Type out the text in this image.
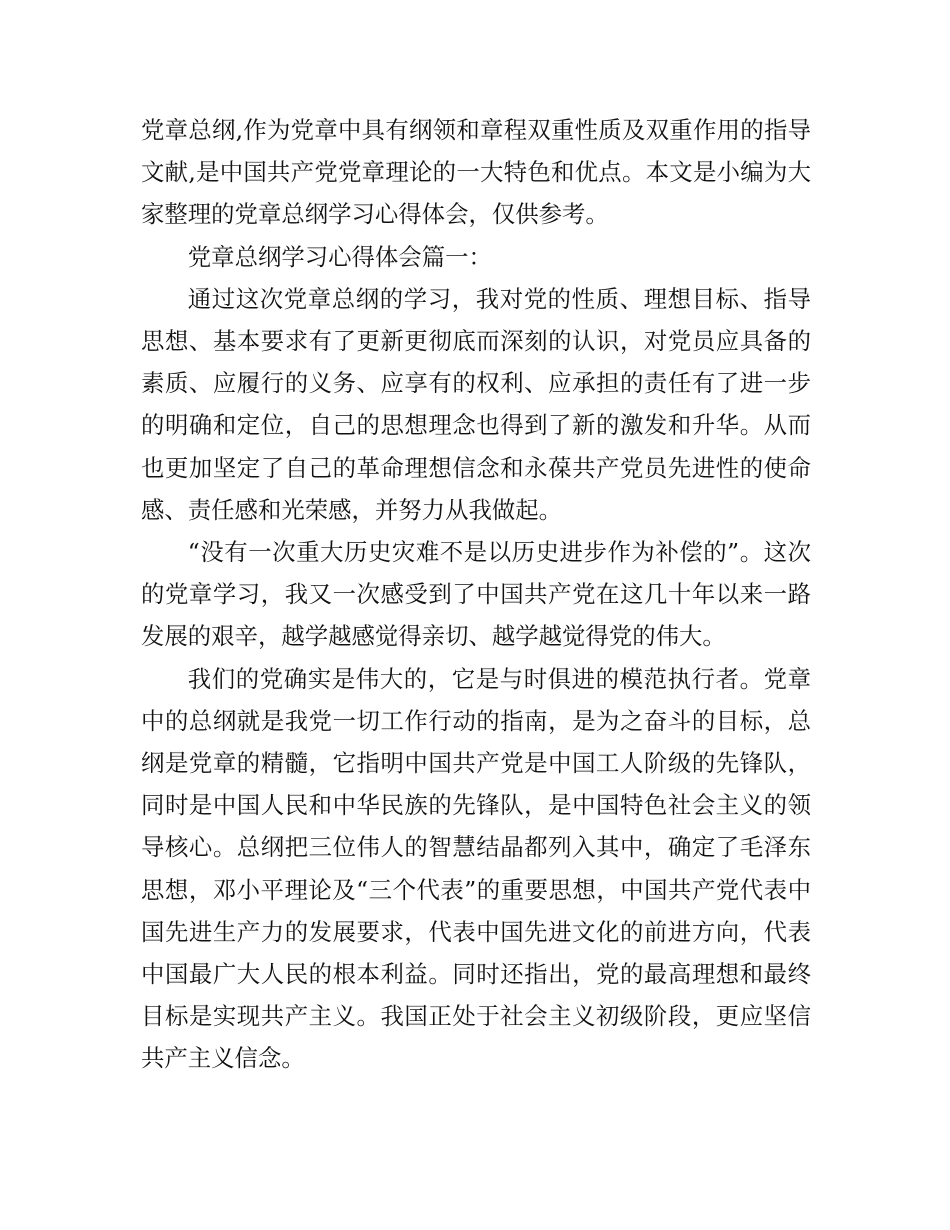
党章总纲,作为党章中具有纲领和章程双重性质及双重作用的指导文献,是中国共产党党章理论的一大特色和优点。本文是小编为大家整理的党章总纲学习心得体会，仅供参考。

党章总纲学习心得体会篇一：

通过这次党章总纲的学习，我对党的性质、理想目标、指导思想、基本要求有了更新更彻底而深刻的认识，对党员应具备的素质、应履行的义务、应享有的权利、应承担的责任有了进一步的明确和定位，自己的思想理念也得到了新的激发和升华。从而也更加坚定了自己的革命理想信念和永葆共产党员先进性的使命感、责任感和光荣感，并努力从我做起。

“没有一次重大历史灾难不是以历史进步作为补偿的”。这次的党章学习，我又一次感受到了中国共产党在这几十年以来一路发展的艰辛，越学越感觉得亲切、越学越觉得党的伟大。

我们的党确实是伟大的，它是与时俱进的模范执行者。党章中的总纲就是我党一切工作行动的指南，是为之奋斗的目标，总纲是党章的精髓，它指明中国共产党是中国工人阶级的先锋队，同时是中国人民和中华民族的先锋队，是中国特色社会主义的领导核心。总纲把三位伟人的智慧结晶都列入其中，确定了毛泽东思想，邓小平理论及“三个代表”的重要思想，中国共产党代表中国先进生产力的发展要求，代表中国先进文化的前进方向，代表中国最广大人民的根本利益。同时还指出，党的最高理想和最终目标是实现共产主义。我国正处于社会主义初级阶段，更应坚信共产主义信念。
